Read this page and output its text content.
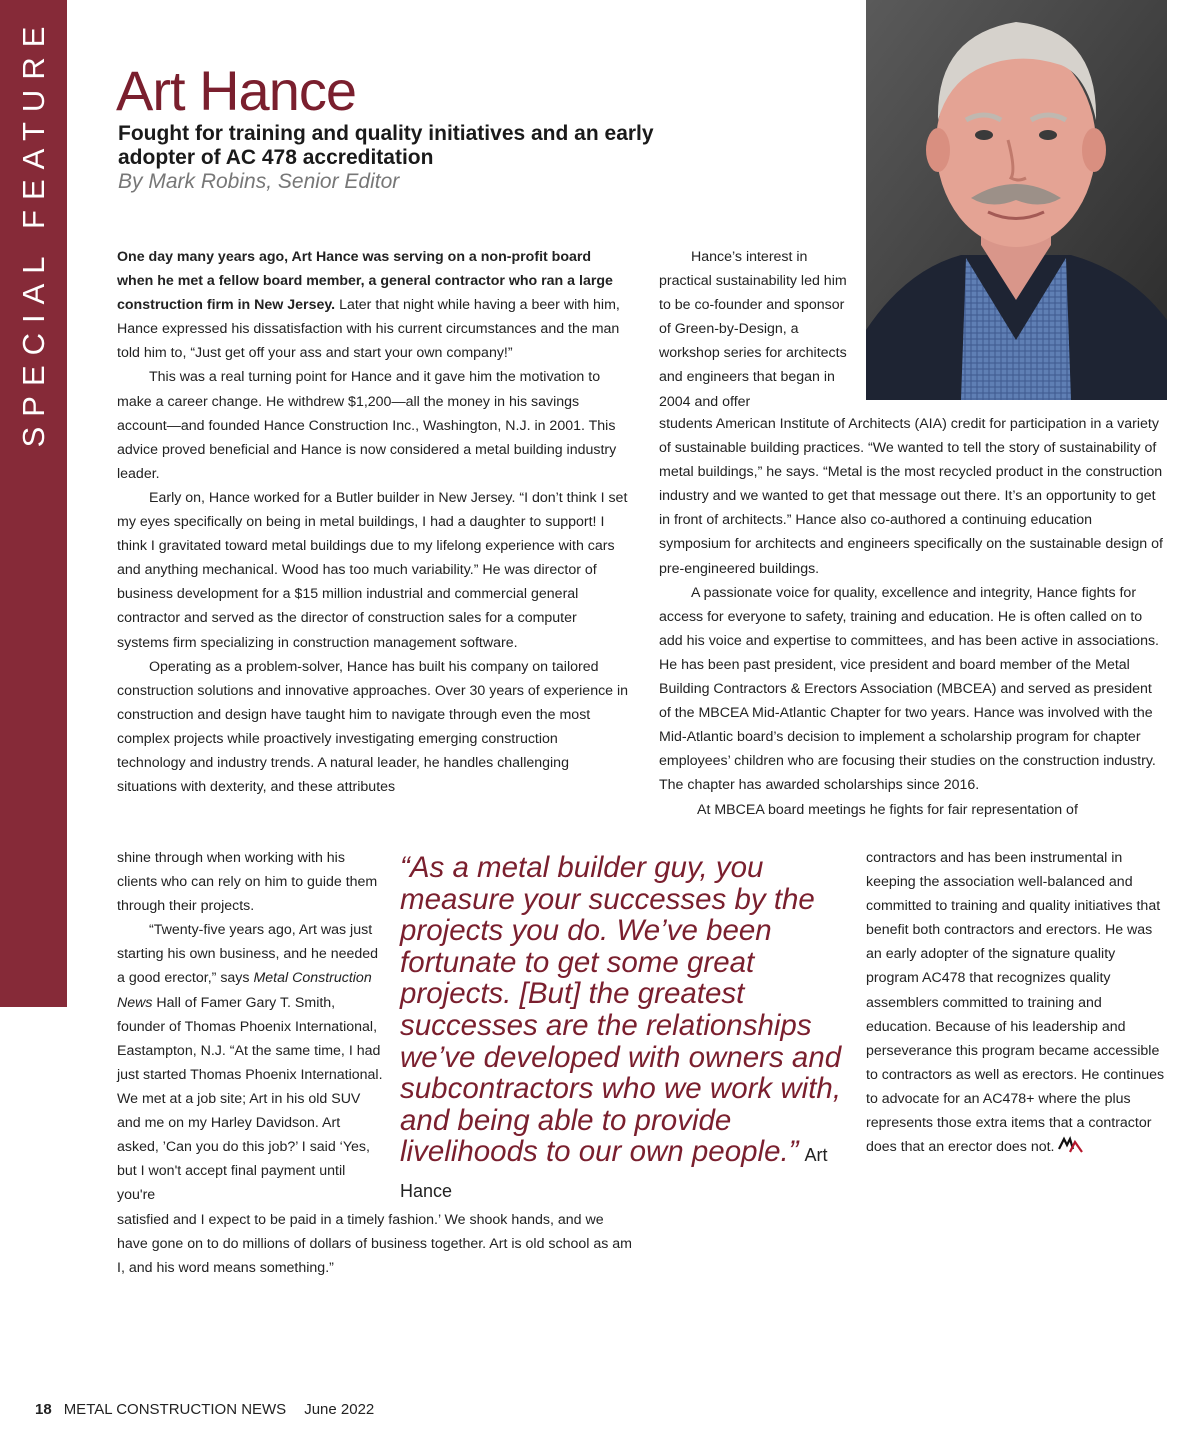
SPECIAL FEATURE Art Hance
Fought for training and quality initiatives and an early adopter of AC 478 accreditation
By Mark Robins, Senior Editor

One day many years ago, Art Hance was serving on a non-profit board when he met a fellow board member, a general contractor who ran a large construction firm in New Jersey. Later that night while having a beer with him, Hance expressed his dissatisfaction with his current circumstances and the man told him to, “Just get off your ass and start your own company!”

This was a real turning point for Hance and it gave him the motivation to make a career change. He withdrew $1,200—all the money in his savings account—and founded Hance Construction Inc., Washington, N.J. in 2001. This advice proved beneficial and Hance is now considered a metal building industry leader.

Early on, Hance worked for a Butler builder in New Jersey. “I don’t think I set my eyes specifically on being in metal buildings, I had a daughter to support! I think I gravitated toward metal buildings due to my lifelong experience with cars and anything mechanical. Wood has too much variability.” He was director of business development for a $15 million industrial and commercial general contractor and served as the director of construction sales for a computer systems firm specializing in construction management software.

Operating as a problem-solver, Hance has built his company on tailored construction solutions and innovative approaches. Over 30 years of experience in construction and design have taught him to navigate through even the most complex projects while proactively investigating emerging construction technology and industry trends. A natural leader, he handles challenging situations with dexterity, and these attributes

shine through when working with his clients who can rely on him to guide them through their projects.

“Twenty-five years ago, Art was just starting his own business, and he needed a good erector,” says Metal Construction News Hall of Famer Gary T. Smith, founder of Thomas Phoenix International, Eastampton, N.J. “At the same time, I had just started Thomas Phoenix International. We met at a job site; Art in his old SUV and me on my Harley Davidson. Art asked, ’Can you do this job?’ I said ‘Yes, but I won't accept final payment until you're

satisfied and I expect to be paid in a timely fashion.’ We shook hands, and we have gone on to do millions of dollars of business together. Art is old school as am I, and his word means something.”

Hance’s interest in practical sustainability led him to be co-founder and sponsor of Green-by-Design, a workshop series for architects and engineers that began in 2004 and offer

students American Institute of Architects (AIA) credit for participation in a variety of sustainable building practices. “We wanted to tell the story of sustainability of metal buildings,” he says. “Metal is the most recycled product in the construction industry and we wanted to get that message out there. It’s an opportunity to get in front of architects.” Hance also co-authored a continuing education symposium for architects and engineers specifically on the sustainable design of pre-engineered buildings.

A passionate voice for quality, excellence and integrity, Hance fights for access for everyone to safety, training and education. He is often called on to add his voice and expertise to committees, and has been active in associations. He has been past president, vice president and board member of the Metal Building Contractors & Erectors Association (MBCEA) and served as president of the MBCEA Mid-Atlantic Chapter for two years. Hance was involved with the Mid-Atlantic board’s decision to implement a scholarship program for chapter employees’ children who are focusing their studies on the construction industry. The chapter has awarded scholarships since 2016.

At MBCEA board meetings he fights for fair representation of

contractors and has been instrumental in keeping the association well-balanced and committed to training and quality initiatives that benefit both contractors and erectors. He was an early adopter of the signature quality program AC478 that recognizes quality assemblers committed to training and education. Because of his leadership and perseverance this program became accessible to contractors as well as erectors. He continues to advocate for an AC478+ where the plus represents those extra items that a contractor does that an erector does not.

“As a metal builder guy, you measure your successes by the projects you do. We’ve been fortunate to get some great projects. [But] the greatest successes are the relationships we’ve developed with owners and subcontractors who we work with, and being able to provide livelihoods to our own people.” Art Hance
18 METAL CONSTRUCTION NEWS June 2022
